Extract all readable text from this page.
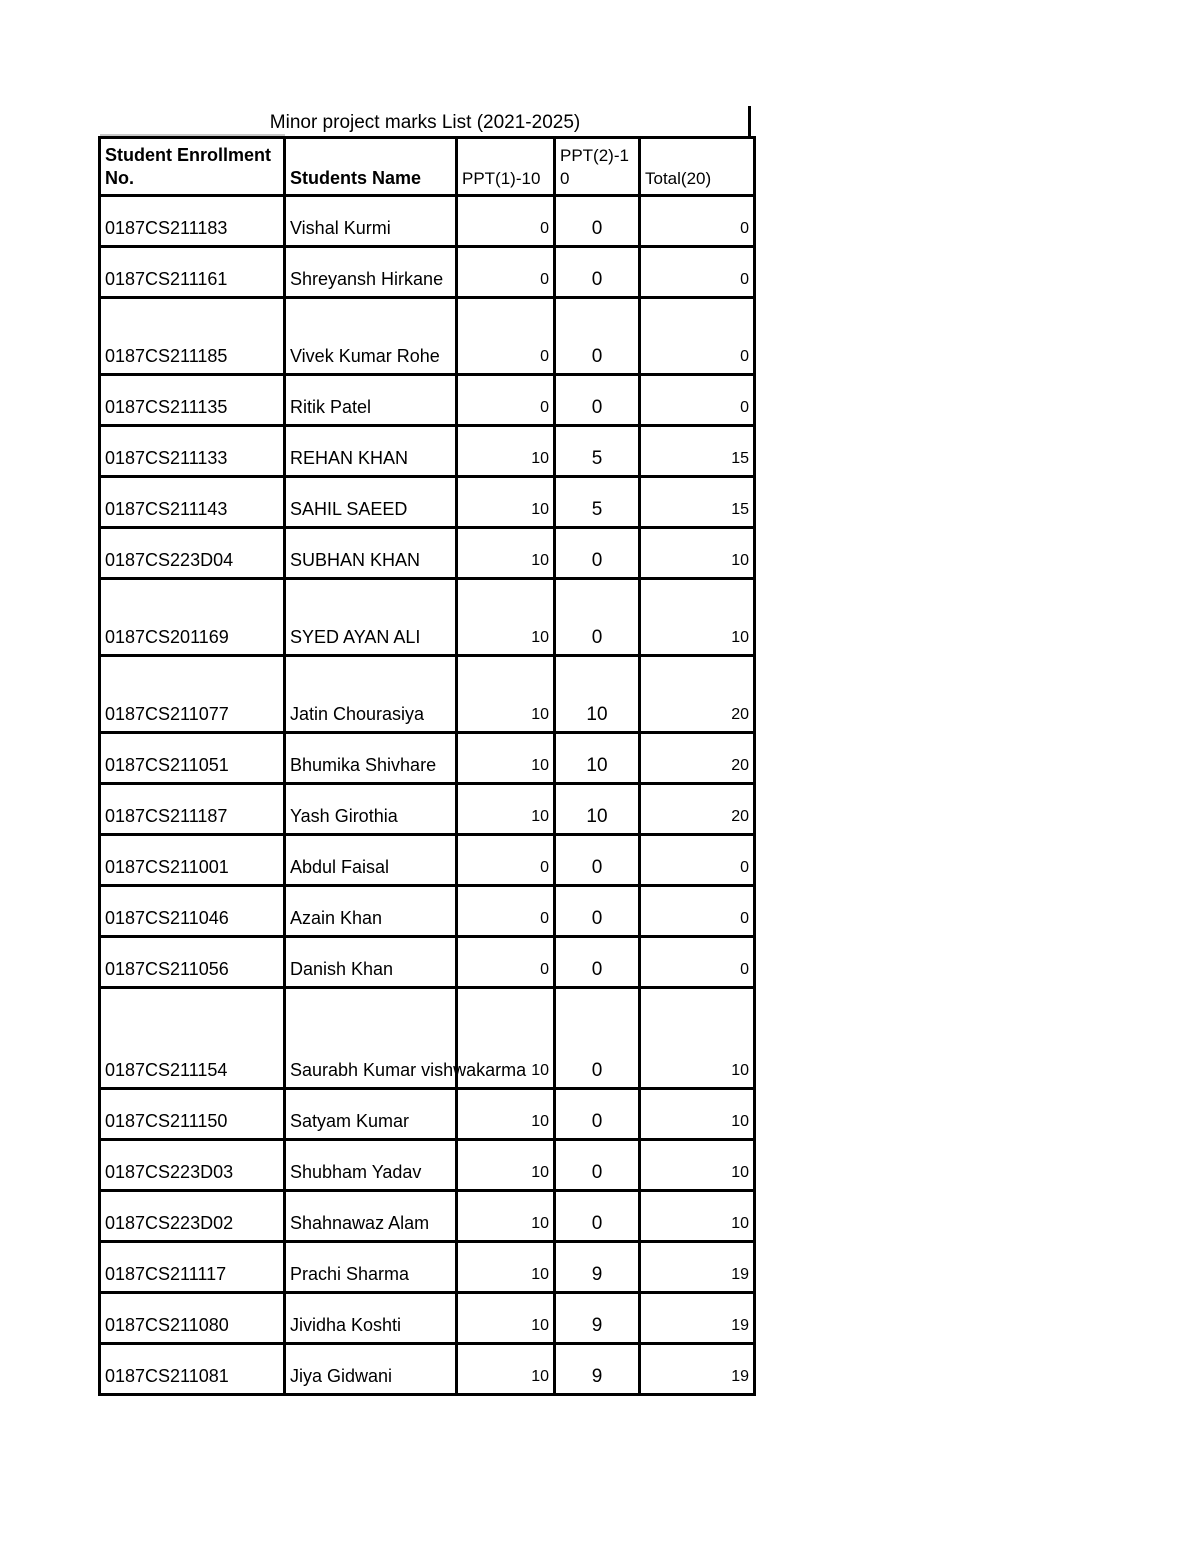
Minor project marks List (2021-2025)
Student Enrollment No.	Students Name	PPT(1)-10	PPT(2)-10	Total(20)
0187CS211183	Vishal Kurmi	0	0	0
0187CS211161	Shreyansh Hirkane	0	0	0
0187CS211185	Vivek Kumar Rohe	0	0	0
0187CS211135	Ritik Patel	0	0	0
0187CS211133	REHAN KHAN	10	5	15
0187CS211143	SAHIL SAEED	10	5	15
0187CS223D04	SUBHAN KHAN	10	0	10
0187CS201169	SYED AYAN ALI	10	0	10
0187CS211077	Jatin Chourasiya	10	10	20
0187CS211051	Bhumika Shivhare	10	10	20
0187CS211187	Yash Girothia	10	10	20
0187CS211001	Abdul Faisal	0	0	0
0187CS211046	Azain Khan	0	0	0
0187CS211056	Danish Khan	0	0	0
0187CS211154	Saurabh Kumar vishwakarma	10	0	10
0187CS211150	Satyam Kumar	10	0	10
0187CS223D03	Shubham Yadav	10	0	10
0187CS223D02	Shahnawaz Alam	10	0	10
0187CS211117	Prachi Sharma	10	9	19
0187CS211080	Jividha Koshti	10	9	19
0187CS211081	Jiya Gidwani	10	9	19
